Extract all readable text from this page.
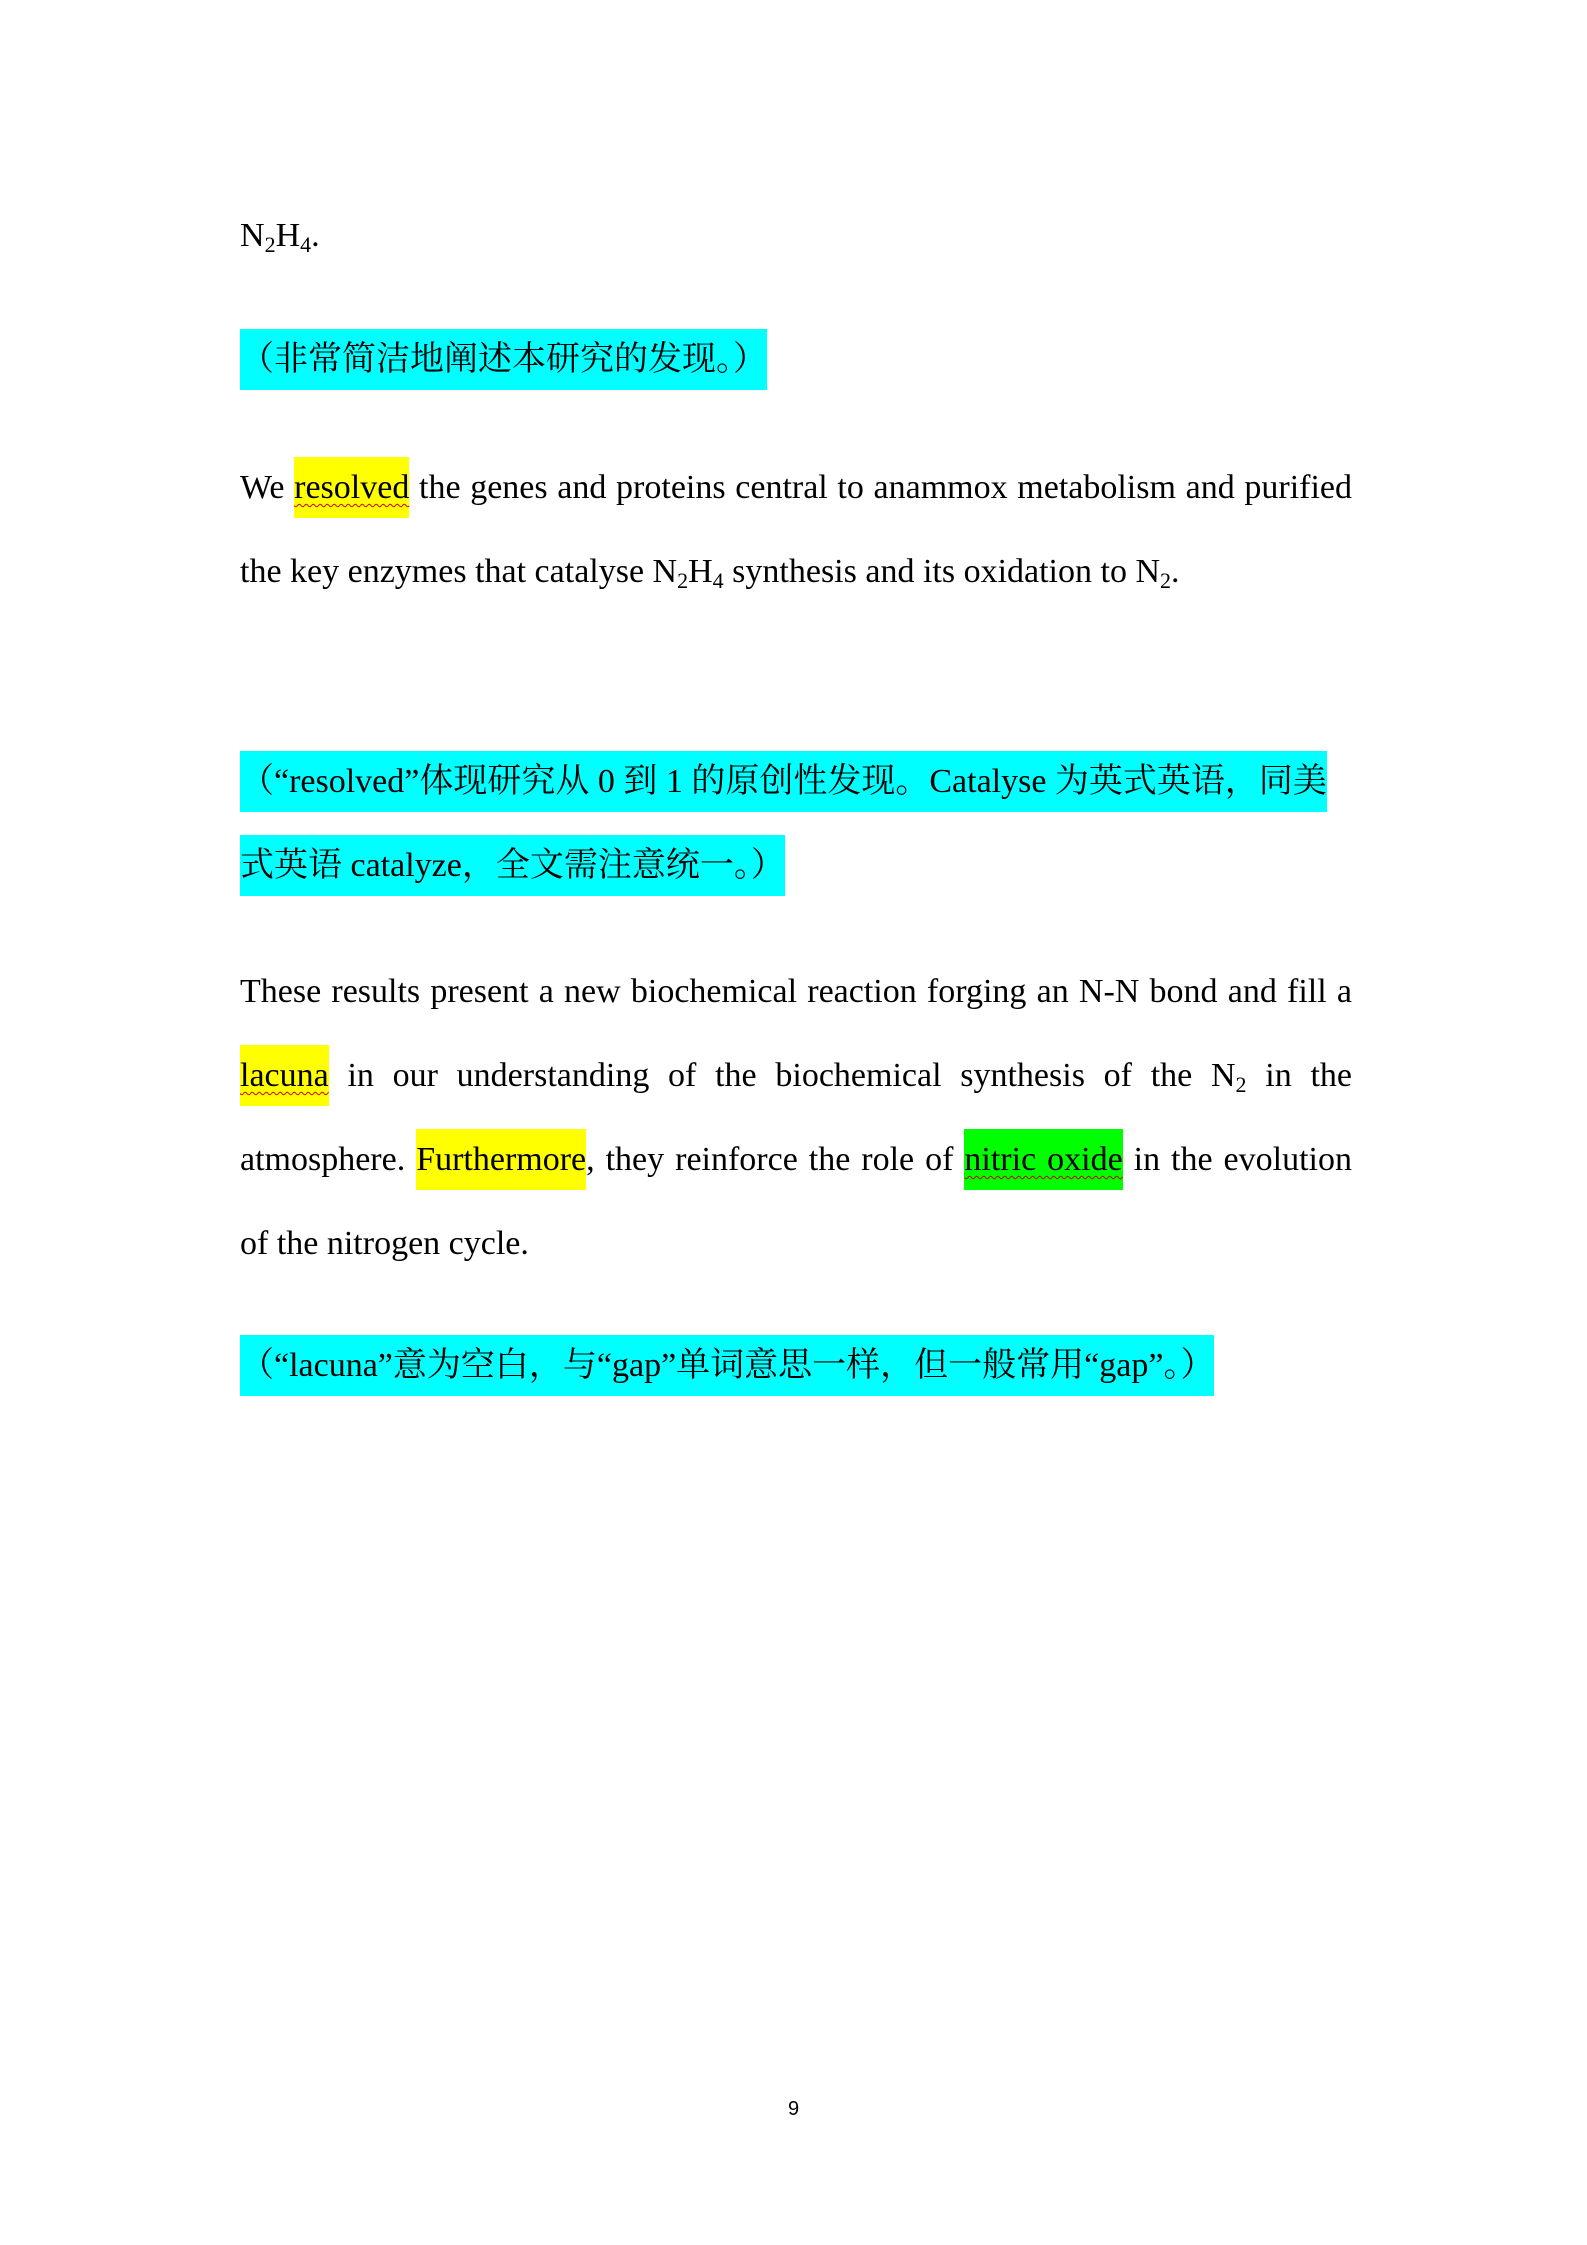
$N_2H_4$.
（非常简洁地阐述本研究的发现。）
We resolved the genes and proteins central to anammox metabolism and purified the key enzymes that catalyse $N_2H_4$ synthesis and its oxidation to $N_2$.
（“resolved”体现研究从 0 到 1 的原创性发现。Catalyse 为英式英语，同美式英语 catalyze，全文需注意统一。）
These results present a new biochemical reaction forging an N-N bond and fill a lacuna in our understanding of the biochemical synthesis of the $N_2$ in the atmosphere. Furthermore, they reinforce the role of nitric oxide in the evolution of the nitrogen cycle.
（“lacuna”意为空白，与“gap”单词意思一样，但一般常用“gap”。）
9
